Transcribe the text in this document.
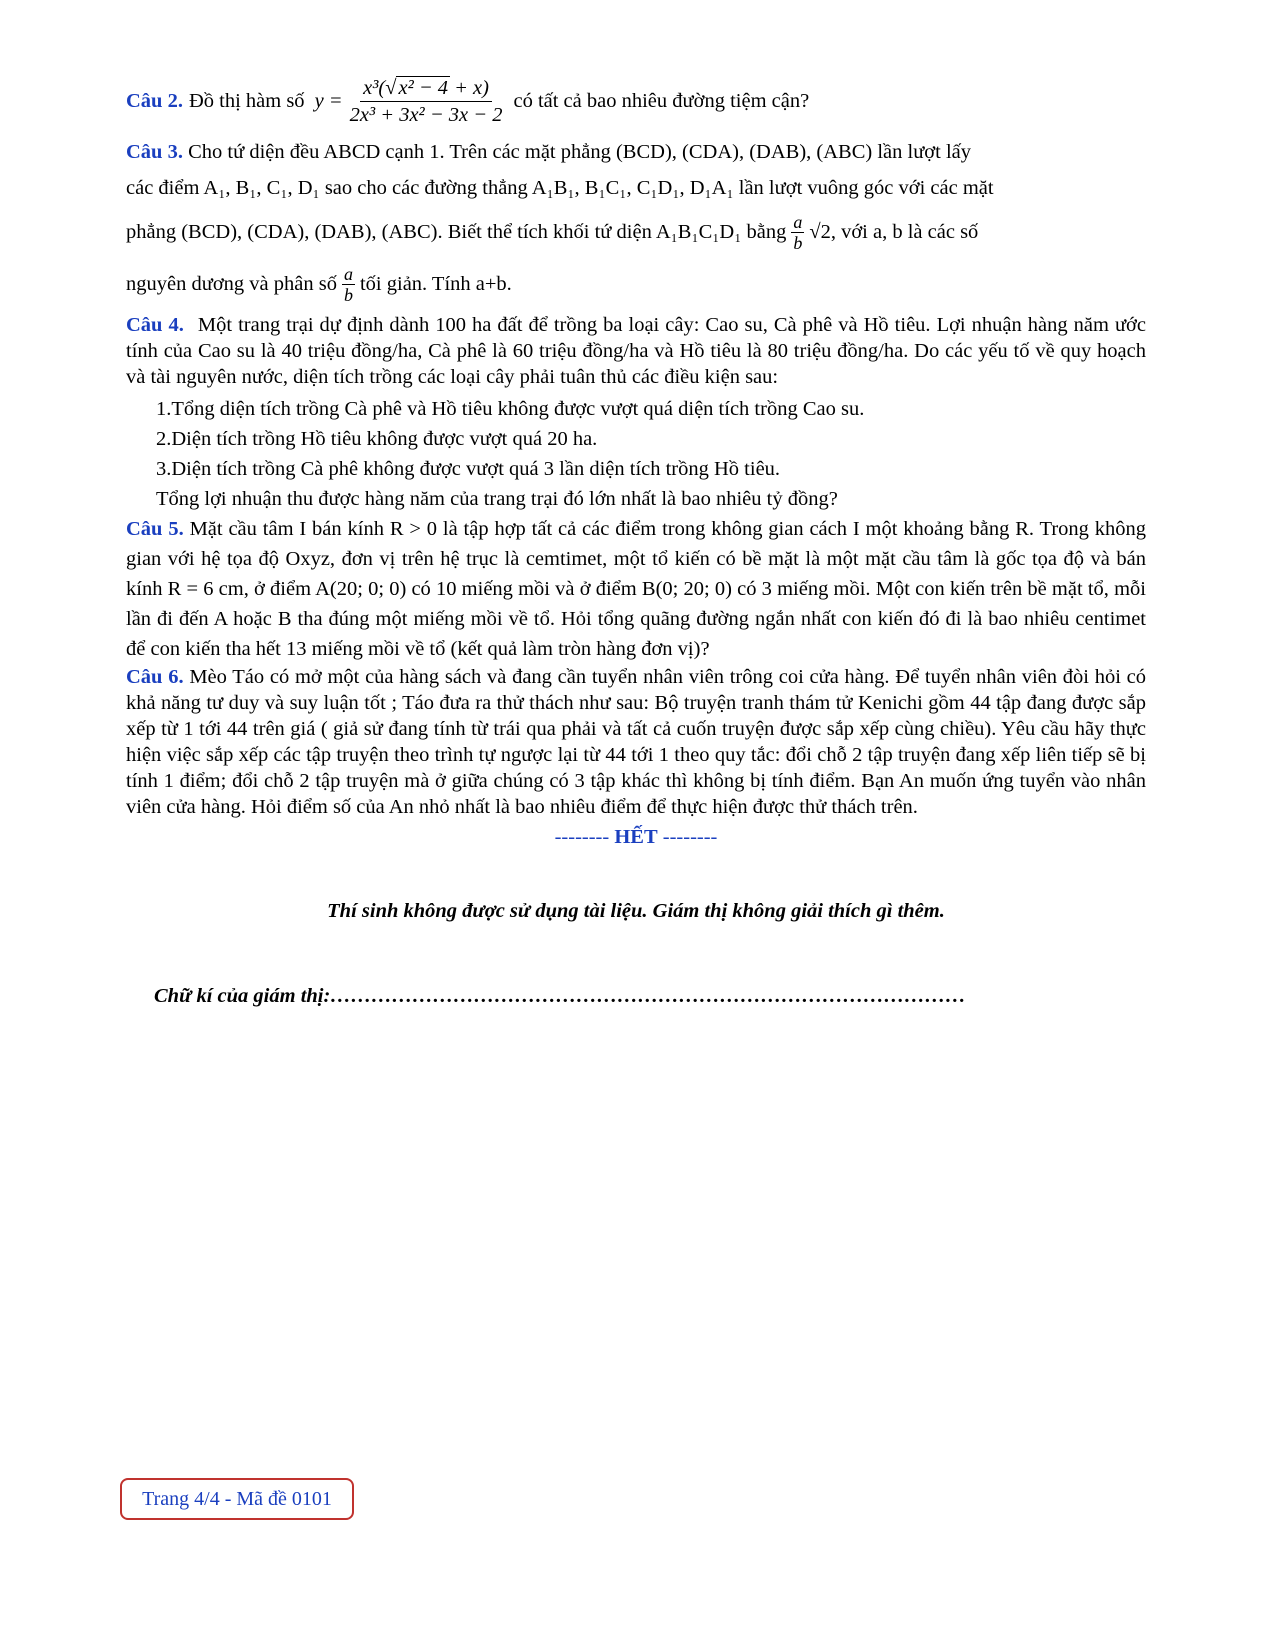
Câu 2. Đồ thị hàm số $y = \frac{\text{x³( √ x² − 4 + x)}}{\text{2x³ + 3x² − 3x − 2}}$ có tất cả bao nhiêu đường tiệm cận?
Câu 3. Cho tứ diện đều ABCD cạnh 1. Trên các mặt phẳng (BCD), (CDA), (DAB), (ABC) lần lượt lấy
các điểm A₁, B₁, C₁, D₁ sao cho các đường thẳng A₁B₁, B₁C₁, C₁D₁, D₁A₁ lần lượt vuông góc với các mặt
phẳng (BCD), (CDA), (DAB), (ABC). Biết thể tích khối tứ diện A₁B₁C₁D₁ bằng $\frac{a}{b} √2$, với a, b là các số
nguyên dương và phân số $\frac{a}{b}$ tối giản. Tính a+b.
Câu 4. Một trang trại dự định dành 100 ha đất để trồng ba loại cây: Cao su, Cà phê và Hồ tiêu. Lợi nhuận hàng năm ước tính của Cao su là 40 triệu đồng/ha, Cà phê là 60 triệu đồng/ha và Hồ tiêu là 80 triệu đồng/ha. Do các yếu tố về quy hoạch và tài nguyên nước, diện tích trồng các loại cây phải tuân thủ các điều kiện sau:
1.Tổng diện tích trồng Cà phê và Hồ tiêu không được vượt quá diện tích trồng Cao su.
2.Diện tích trồng Hồ tiêu không được vượt quá 20 ha.
3.Diện tích trồng Cà phê không được vượt quá 3 lần diện tích trồng Hồ tiêu.
Tổng lợi nhuận thu được hàng năm của trang trại đó lớn nhất là bao nhiêu tỷ đồng?
Câu 5. Mặt cầu tâm I bán kính R > 0 là tập hợp tất cả các điểm trong không gian cách I một khoảng bằng R. Trong không gian với hệ tọa độ Oxyz, đơn vị trên hệ trục là cemtimet, một tổ kiến có bề mặt là một mặt cầu tâm là gốc tọa độ và bán kính R = 6 cm, ở điểm A(20; 0; 0) có 10 miếng mồi và ở điểm B(0; 20; 0) có 3 miếng mồi. Một con kiến trên bề mặt tổ, mỗi lần đi đến A hoặc B tha đúng một miếng mồi về tổ. Hỏi tổng quãng đường ngắn nhất con kiến đó đi là bao nhiêu centimet để con kiến tha hết 13 miếng mồi về tổ (kết quả làm tròn hàng đơn vị)?
Câu 6. Mèo Táo có mở một của hàng sách và đang cần tuyển nhân viên trông coi cửa hàng. Để tuyển nhân viên đòi hỏi có khả năng tư duy và suy luận tốt ; Táo đưa ra thử thách như sau: Bộ truyện tranh thám tử Kenichi gồm 44 tập đang được sắp xếp từ 1 tới 44 trên giá ( giả sử đang tính từ trái qua phải và tất cả cuốn truyện được sắp xếp cùng chiều). Yêu cầu hãy thực hiện việc sắp xếp các tập truyện theo trình tự ngược lại từ 44 tới 1 theo quy tắc: đổi chỗ 2 tập truyện đang xếp liên tiếp sẽ bị tính 1 điểm; đổi chỗ 2 tập truyện mà ở giữa chúng có 3 tập khác thì không bị tính điểm. Bạn An muốn ứng tuyển vào nhân viên cửa hàng. Hỏi điểm số của An nhỏ nhất là bao nhiêu điểm để thực hiện được thử thách trên.
-------- HẾT --------
Thí sinh không được sử dụng tài liệu. Giám thị không giải thích gì thêm.
Chữ kí của giám thị:…………………………………………………………………………………
Trang 4/4 - Mã đề 0101
